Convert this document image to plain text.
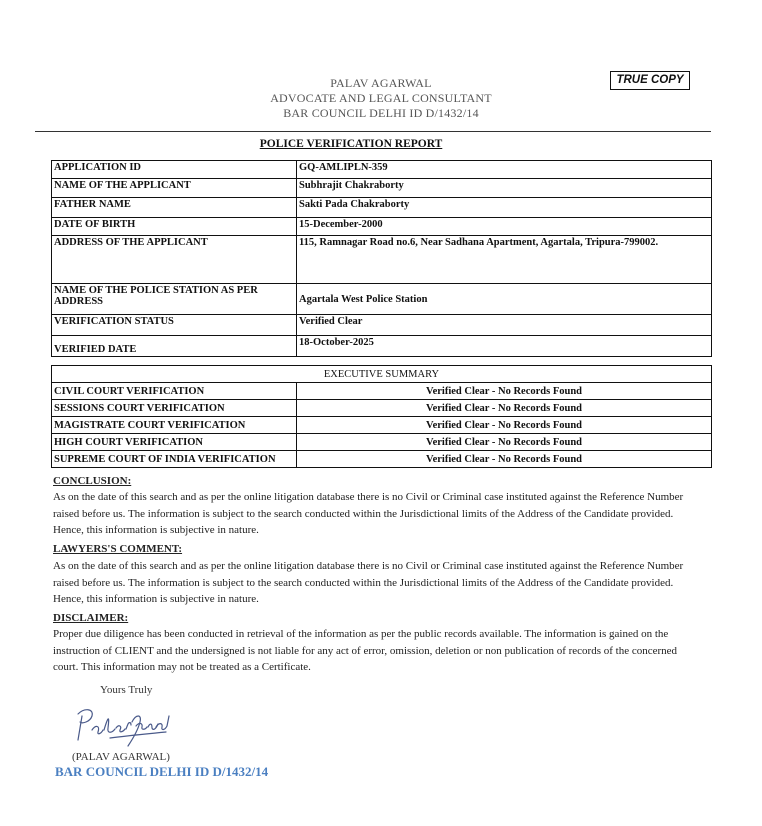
PALAV AGARWAL
ADVOCATE AND LEGAL CONSULTANT
BAR COUNCIL DELHI ID D/1432/14
TRUE COPY
POLICE VERIFICATION REPORT
APPLICATION ID	GQ-AMLIPLN-359
NAME OF THE APPLICANT	Subhrajit Chakraborty
FATHER NAME	Sakti Pada Chakraborty
DATE OF BIRTH	15-December-2000
ADDRESS OF THE APPLICANT	115, Ramnagar Road no.6, Near Sadhana Apartment, Agartala, Tripura-799002.
NAME OF THE POLICE STATION AS PER ADDRESS	Agartala West Police Station
VERIFICATION STATUS	Verified Clear
VERIFIED DATE	18-October-2025
EXECUTIVE SUMMARY	
CIVIL COURT VERIFICATION	Verified Clear - No Records Found
SESSIONS COURT VERIFICATION	Verified Clear - No Records Found
MAGISTRATE COURT VERIFICATION	Verified Clear - No Records Found
HIGH COURT VERIFICATION	Verified Clear - No Records Found
SUPREME COURT OF INDIA VERIFICATION	Verified Clear - No Records Found
CONCLUSION:
As on the date of this search and as per the online litigation database there is no Civil or Criminal case instituted against the Reference Number raised before us. The information is subject to the search conducted within the Jurisdictional limits of the Address of the Candidate provided. Hence, this information is subjective in nature.
LAWYERS'S COMMENT:
As on the date of this search and as per the online litigation database there is no Civil or Criminal case instituted against the Reference Number raised before us. The information is subject to the search conducted within the Jurisdictional limits of the Address of the Candidate provided. Hence, this information is subjective in nature.
DISCLAIMER:
Proper due diligence has been conducted in retrieval of the information as per the public records available. The information is gained on the instruction of CLIENT and the undersigned is not liable for any act of error, omission, deletion or non publication of records of the concerned court. This information may not be treated as a Certificate.
Yours Truly
(PALAV AGARWAL)
BAR COUNCIL DELHI ID D/1432/14
